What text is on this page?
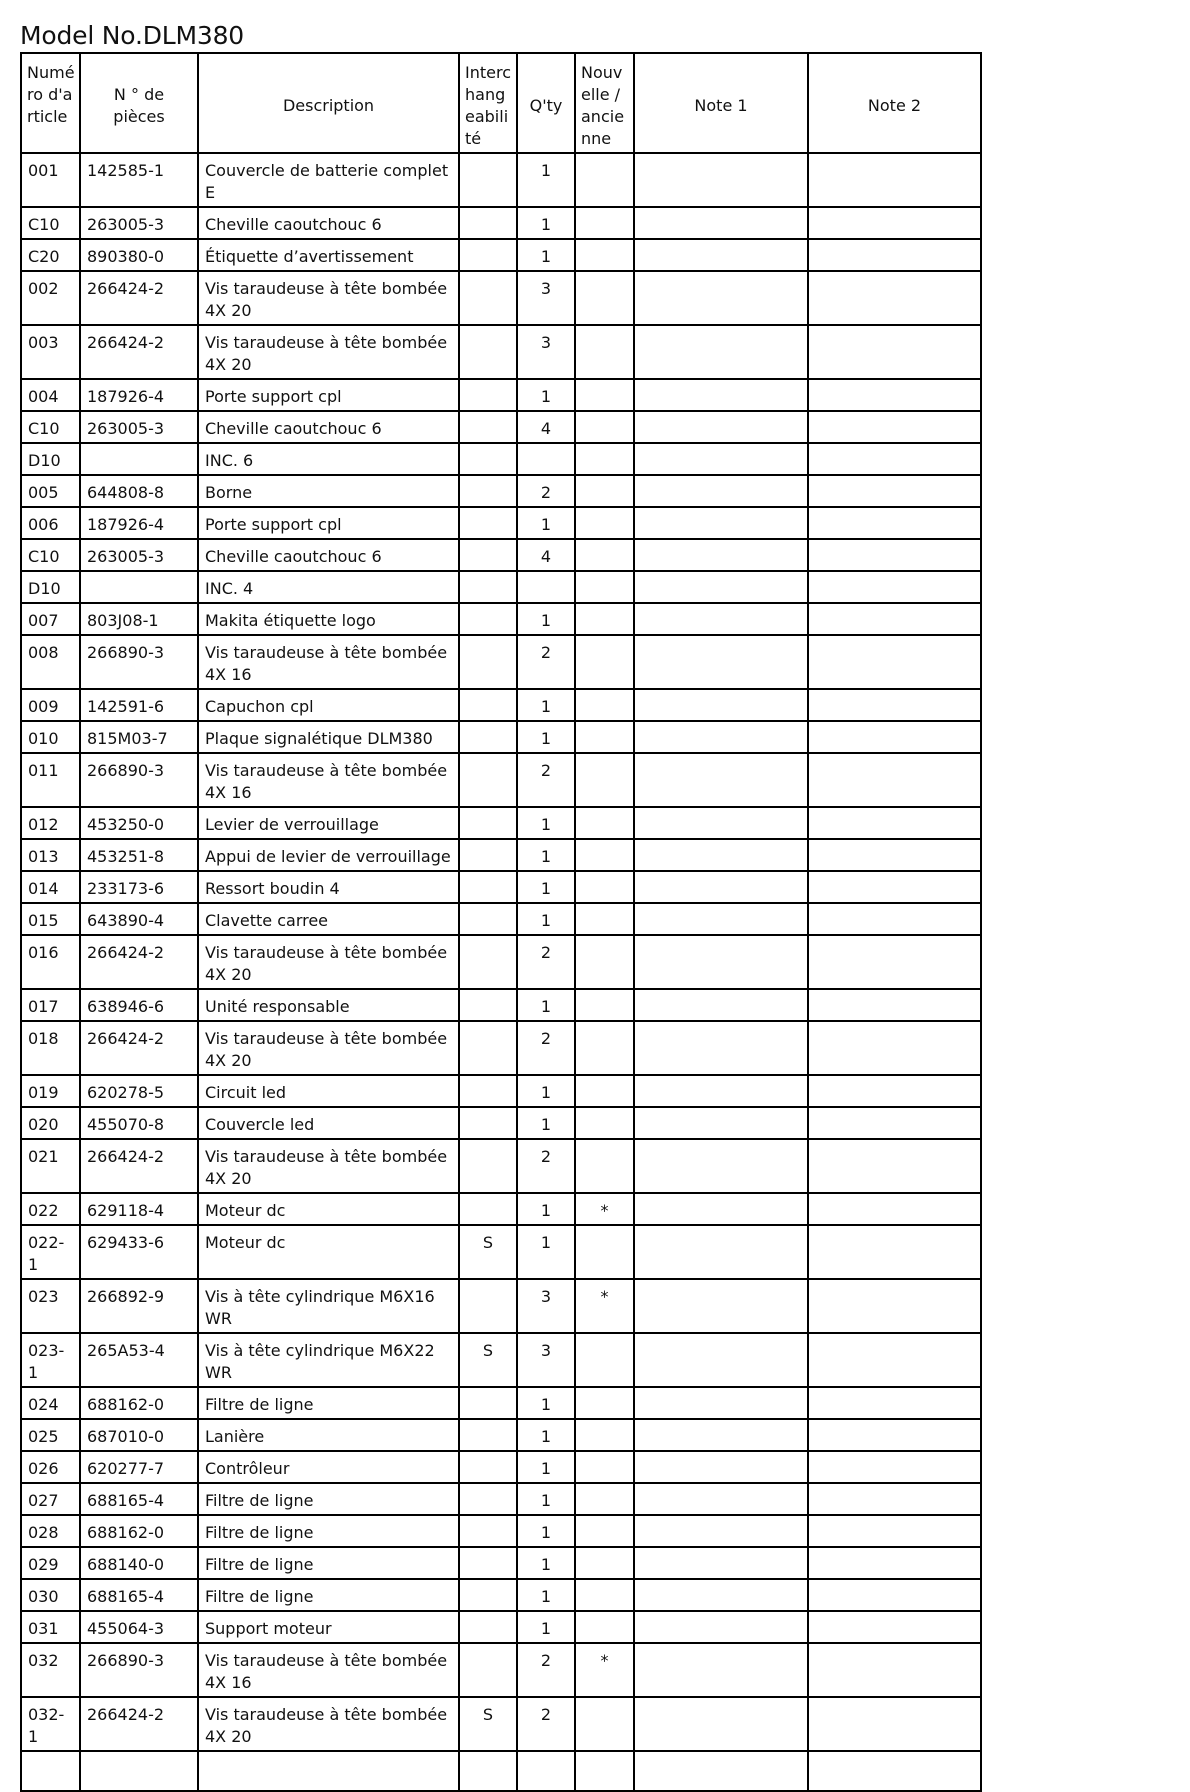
Model No.DLM380
Numéro d'article	N ° de pièces	Description	Interchangeabilité	Q'ty	Nouvelle / ancienne	Note 1	Note 2
001	142585-1	Couvercle de batterie complet E		1			
C10	263005-3	Cheville caoutchouc 6		1			
C20	890380-0	Étiquette d’avertissement		1			
002	266424-2	Vis taraudeuse à tête bombée 4X 20		3			
003	266424-2	Vis taraudeuse à tête bombée 4X 20		3			
004	187926-4	Porte support cpl		1			
C10	263005-3	Cheville caoutchouc 6		4			
D10		INC. 6					
005	644808-8	Borne		2			
006	187926-4	Porte support cpl		1			
C10	263005-3	Cheville caoutchouc 6		4			
D10		INC. 4					
007	803J08-1	Makita étiquette logo		1			
008	266890-3	Vis taraudeuse à tête bombée 4X 16		2			
009	142591-6	Capuchon cpl		1			
010	815M03-7	Plaque signalétique DLM380		1			
011	266890-3	Vis taraudeuse à tête bombée 4X 16		2			
012	453250-0	Levier de verrouillage		1			
013	453251-8	Appui de levier de verrouillage		1			
014	233173-6	Ressort boudin 4		1			
015	643890-4	Clavette carree		1			
016	266424-2	Vis taraudeuse à tête bombée 4X 20		2			
017	638946-6	Unité responsable		1			
018	266424-2	Vis taraudeuse à tête bombée 4X 20		2			
019	620278-5	Circuit led		1			
020	455070-8	Couvercle led		1			
021	266424-2	Vis taraudeuse à tête bombée 4X 20		2			
022	629118-4	Moteur dc		1	*		
022-1	629433-6	Moteur dc	S	1			
023	266892-9	Vis à tête cylindrique M6X16 WR		3	*		
023-1	265A53-4	Vis à tête cylindrique M6X22 WR	S	3			
024	688162-0	Filtre de ligne		1			
025	687010-0	Lanière		1			
026	620277-7	Contrôleur		1			
027	688165-4	Filtre de ligne		1			
028	688162-0	Filtre de ligne		1			
029	688140-0	Filtre de ligne		1			
030	688165-4	Filtre de ligne		1			
031	455064-3	Support moteur		1			
032	266890-3	Vis taraudeuse à tête bombée 4X 16		2	*		
032-1	266424-2	Vis taraudeuse à tête bombée 4X 20	S	2			
